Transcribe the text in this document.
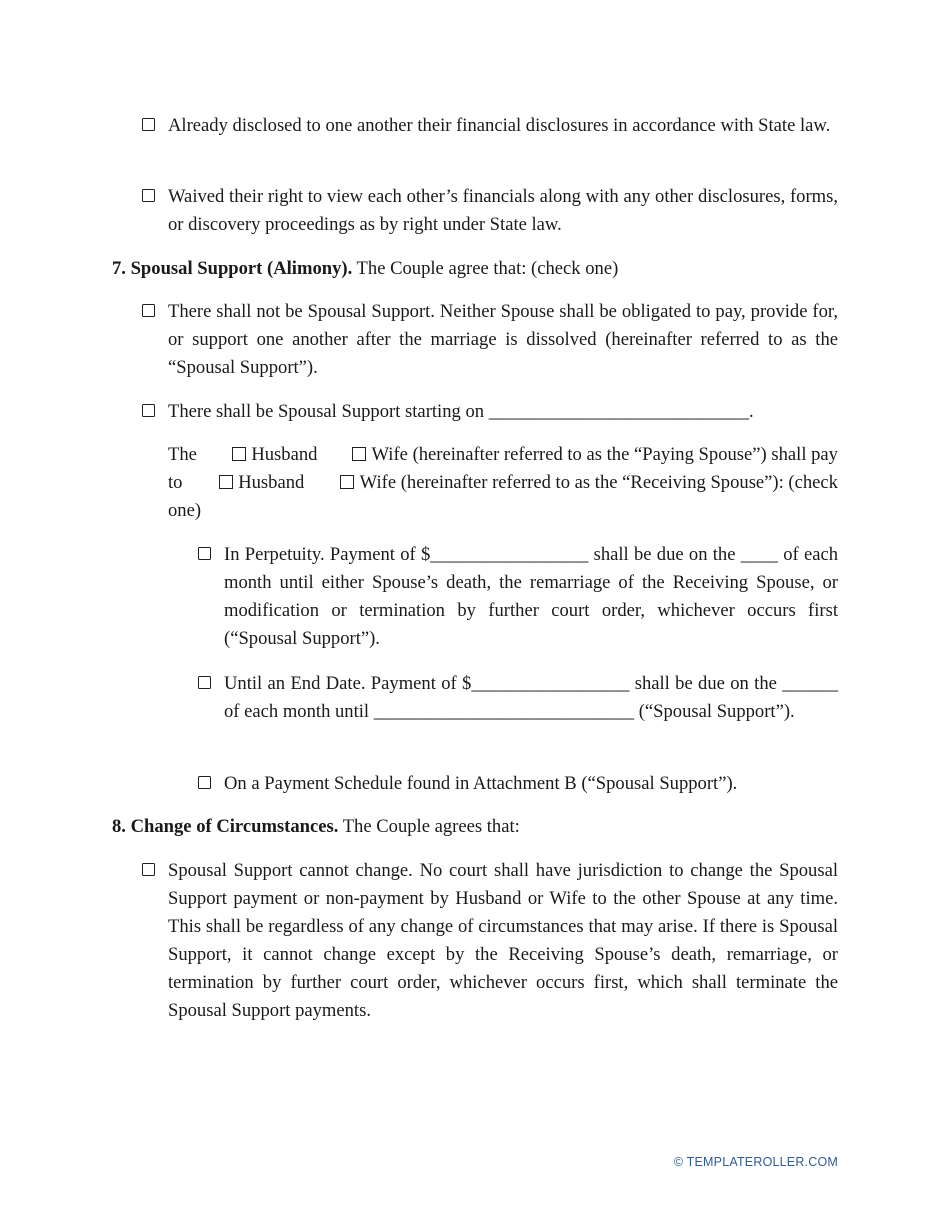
Already disclosed to one another their financial disclosures in accordance with State law.
Waived their right to view each other’s financials along with any other disclosures, forms, or discovery proceedings as by right under State law.
7. Spousal Support (Alimony). The Couple agree that: (check one)
There shall not be Spousal Support. Neither Spouse shall be obligated to pay, provide for, or support one another after the marriage is dissolved (hereinafter referred to as the “Spousal Support”).
There shall be Spousal Support starting on ____________________________.
The	Husband	Wife (hereinafter referred to as the “Paying Spouse”) shall pay
to	Husband	Wife (hereinafter referred to as the “Receiving Spouse”): (check
one)
In Perpetuity. Payment of $_________________ shall be due on the ____ of each month until either Spouse’s death, the remarriage of the Receiving Spouse, or modification or termination by further court order, whichever occurs first (“Spousal Support”).
Until an End Date. Payment of $_________________ shall be due on the ______ of each month until ____________________________ (“Spousal Support”).
On a Payment Schedule found in Attachment B (“Spousal Support”).
8. Change of Circumstances. The Couple agrees that:
Spousal Support cannot change. No court shall have jurisdiction to change the Spousal Support payment or non-payment by Husband or Wife to the other Spouse at any time. This shall be regardless of any change of circumstances that may arise. If there is Spousal Support, it cannot change except by the Receiving Spouse’s death, remarriage, or termination by further court order, whichever occurs first, which shall terminate the Spousal Support payments.
© TEMPLATEROLLER.COM
